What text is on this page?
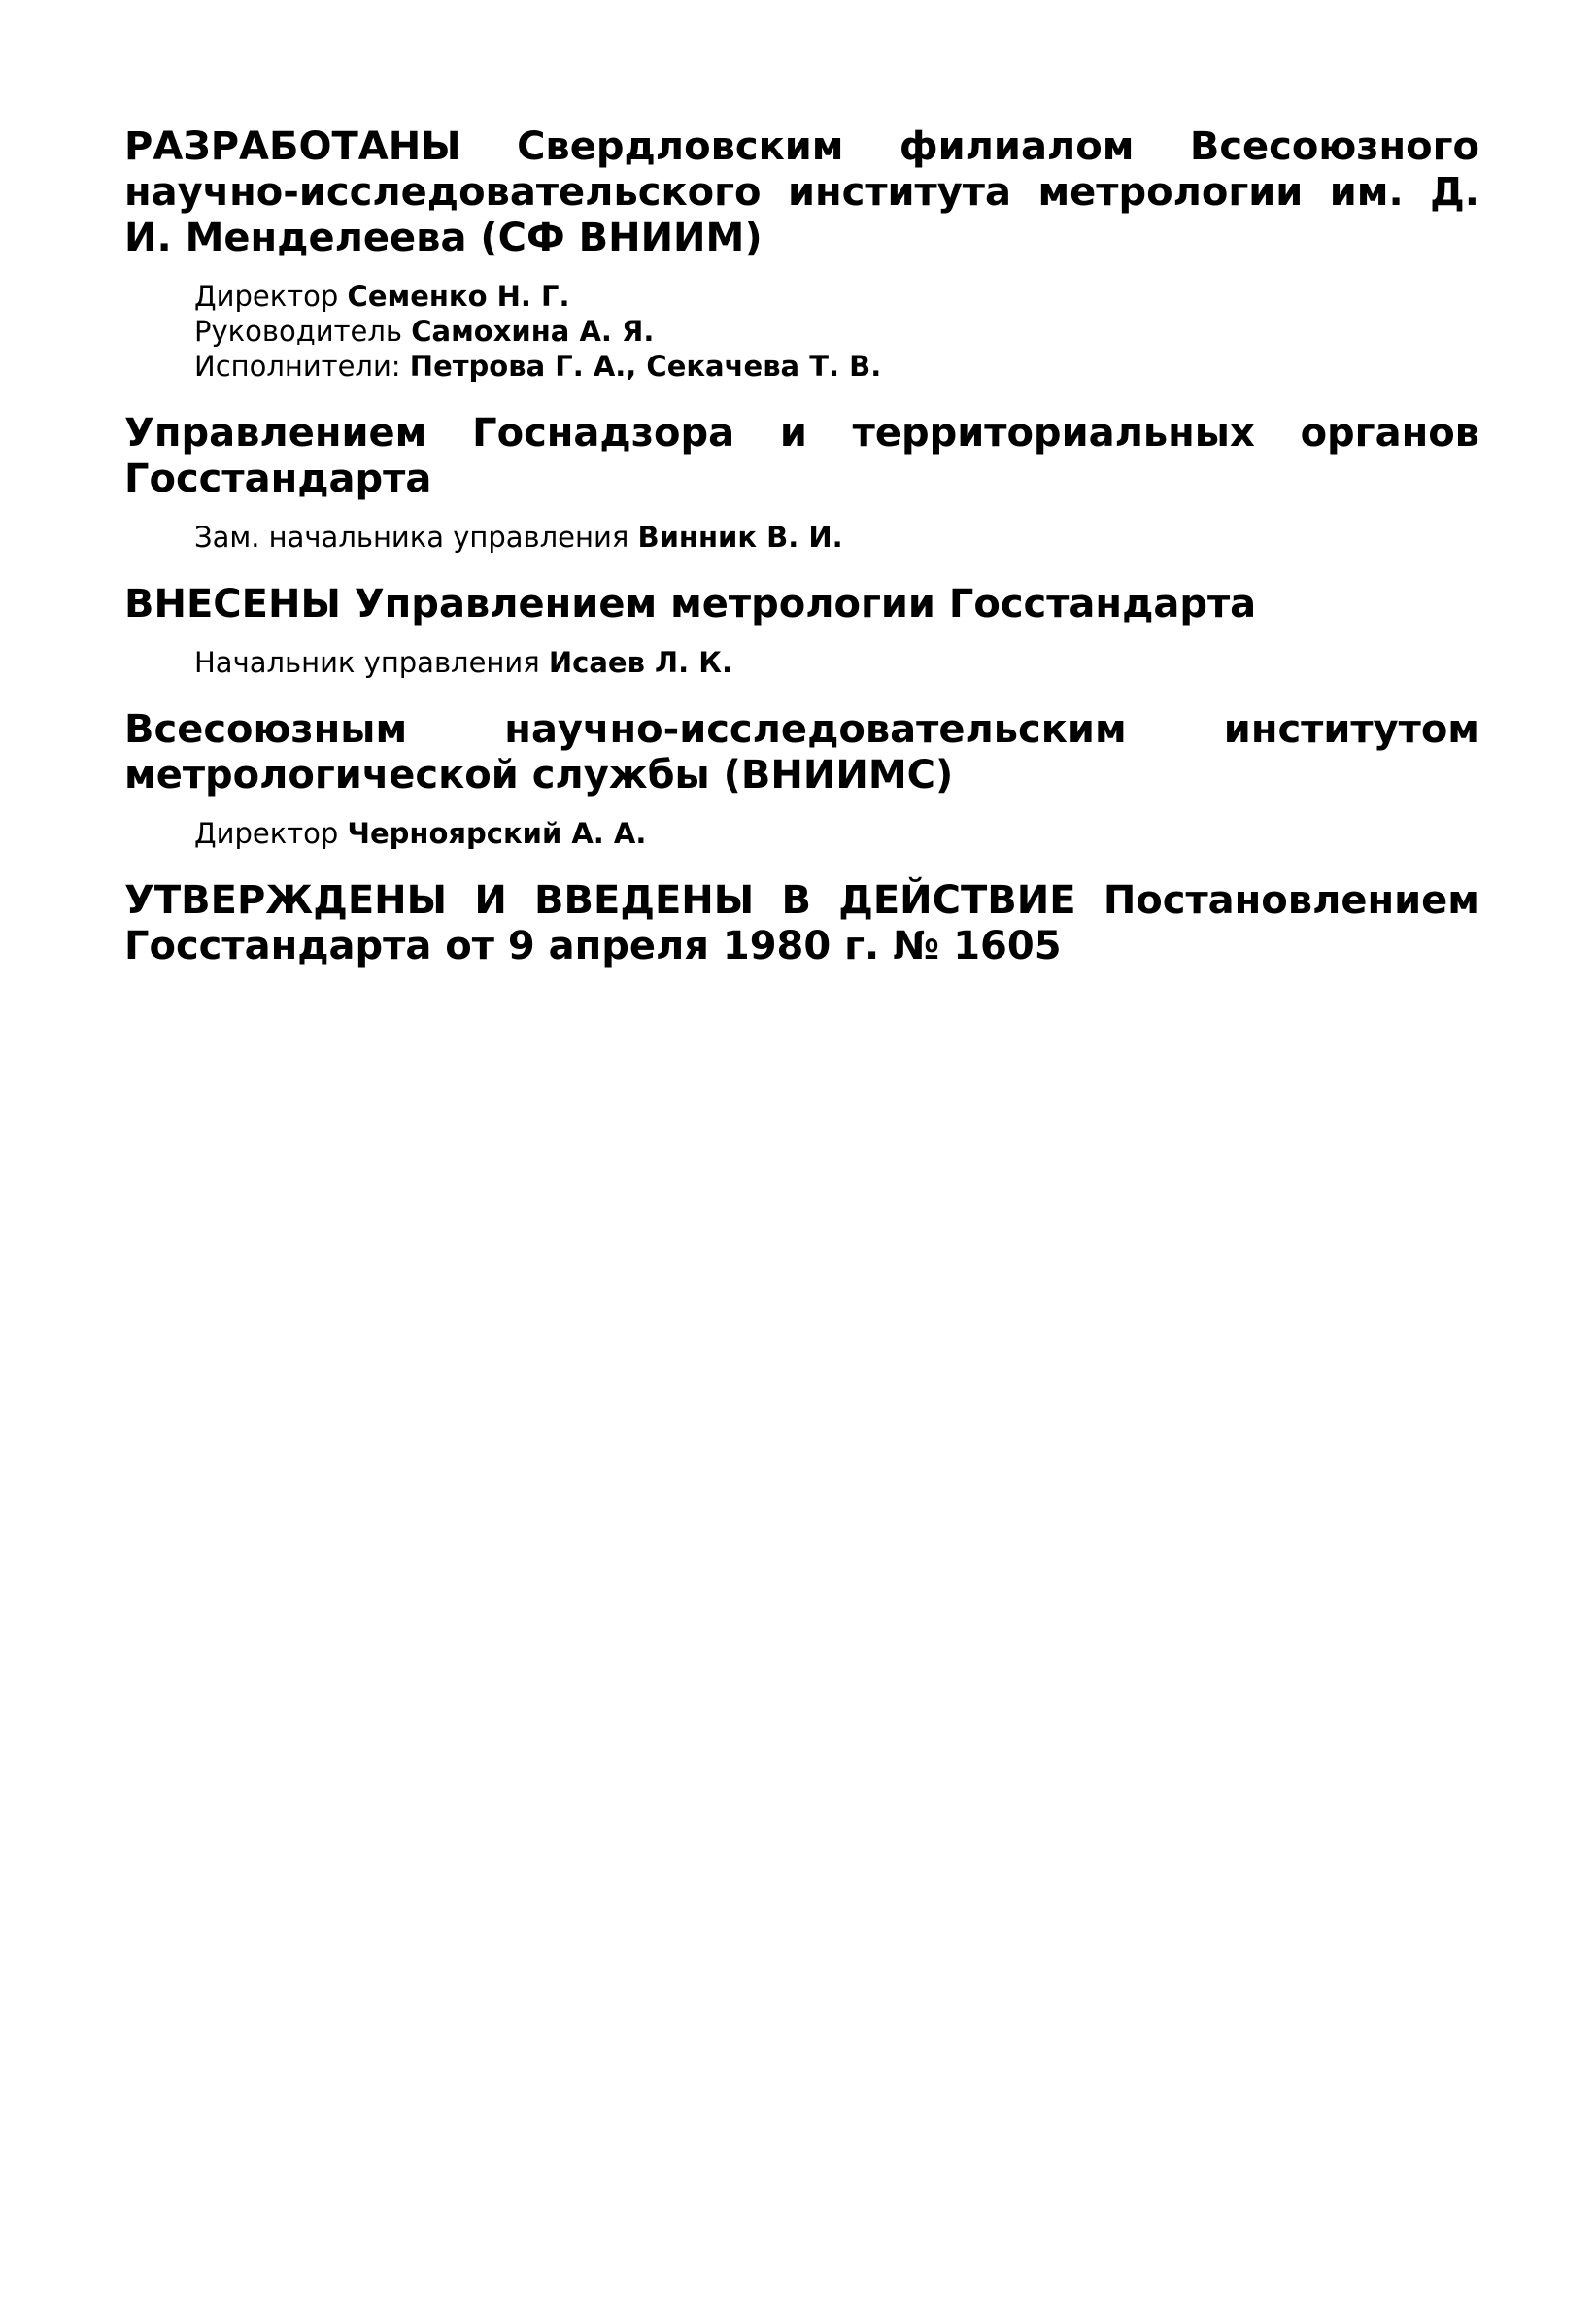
РАЗРАБОТАНЫ Свердловским филиалом Всесоюзного научно-исследовательского института метрологии им. Д. И. Менделеева (СФ ВНИИМ)

Директор Семенко Н. Г.

Руководитель Самохина А. Я.

Исполнители: Петрова Г. А., Секачева Т. В.

Управлением Госнадзора и территориальных органов Госстандарта

Зам. начальника управления Винник В. И.

ВНЕСЕНЫ Управлением метрологии Госстандарта

Начальник управления Исаев Л. К.

Всесоюзным научно-исследовательским институтом метрологической службы (ВНИИМС)

Директор Черноярский А. А.

УТВЕРЖДЕНЫ И ВВЕДЕНЫ В ДЕЙСТВИЕ Постановлением Госстандарта от 9 апреля 1980 г. № 1605
